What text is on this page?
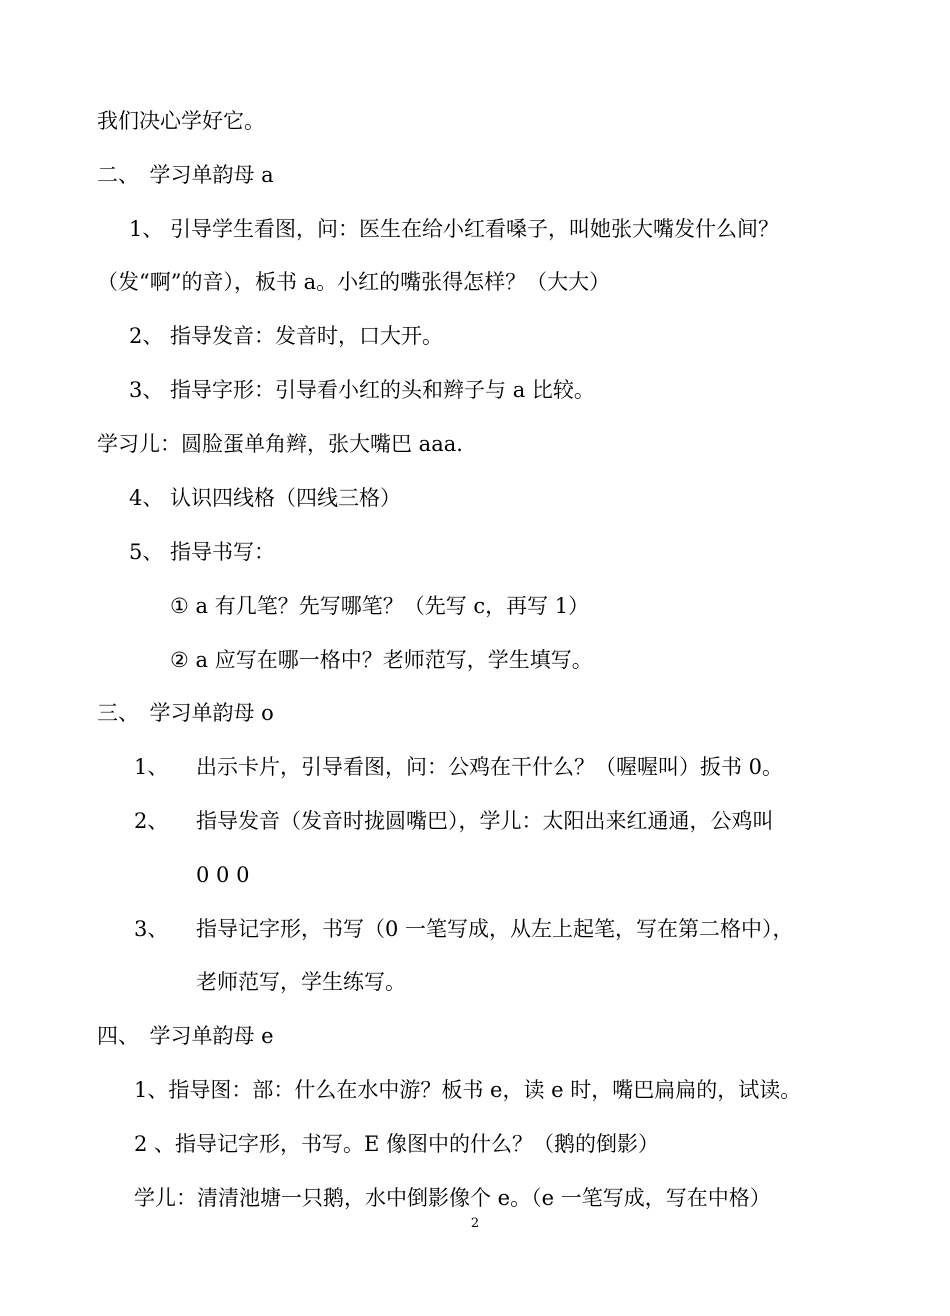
我们决心学好它。
二、　学习单韵母 a
1、 引导学生看图，问：医生在给小红看嗓子，叫她张大嘴发什么间？
（发“啊”的音），板书 a。小红的嘴张得怎样？（大大）
2、 指导发音：发音时，口大开。
3、 指导字形：引导看小红的头和辫子与 a 比较。
学习儿：圆脸蛋单角辫，张大嘴巴 aaa.
4、 认识四线格（四线三格）
5、 指导书写：
① a 有几笔？先写哪笔？（先写 c，再写 1）
② a 应写在哪一格中？老师范写，学生填写。
三、　学习单韵母 o
1、 出示卡片，引导看图，问：公鸡在干什么？（喔喔叫）扳书 0。
2、 指导发音（发音时拢圆嘴巴），学儿：太阳出来红通通，公鸡叫
0 0 0
3、 指导记字形，书写（0 一笔写成，从左上起笔，写在第二格中），
老师范写，学生练写。
四、　学习单韵母 e
1、指导图：部：什么在水中游？板书 e，读 e 时，嘴巴扁扁的，试读。
2 、指导记字形，书写。E 像图中的什么？（鹅的倒影）
学儿：清清池塘一只鹅，水中倒影像个 e。（e 一笔写成，写在中格）
2
